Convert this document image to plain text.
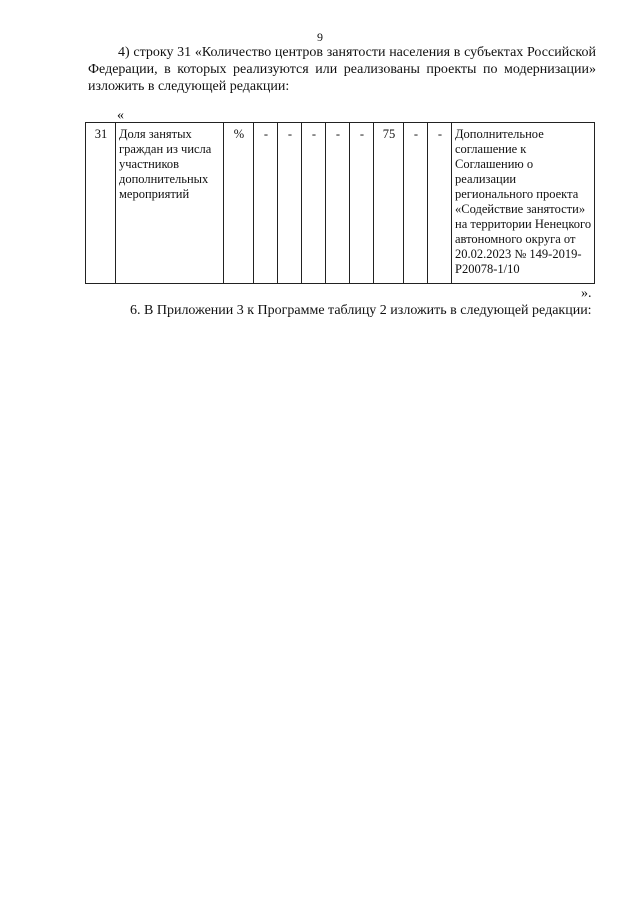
9
4) строку 31 «Количество центров занятости населения в субъектах Российской Федерации, в которых реализуются или реализованы проекты по модернизации» изложить в следующей редакции:
«
31	Доля занятых граждан из числа участников дополнительных мероприятий	%	-	-	-	-	-	75	-	-	Дополнительное соглашение к Соглашению о реализации регионального проекта «Содействие занятости» на территории Ненецкого автономного округа от 20.02.2023 № 149-2019-P20078-1/10
».
6. В Приложении 3 к Программе таблицу 2 изложить в следующей редакции:
